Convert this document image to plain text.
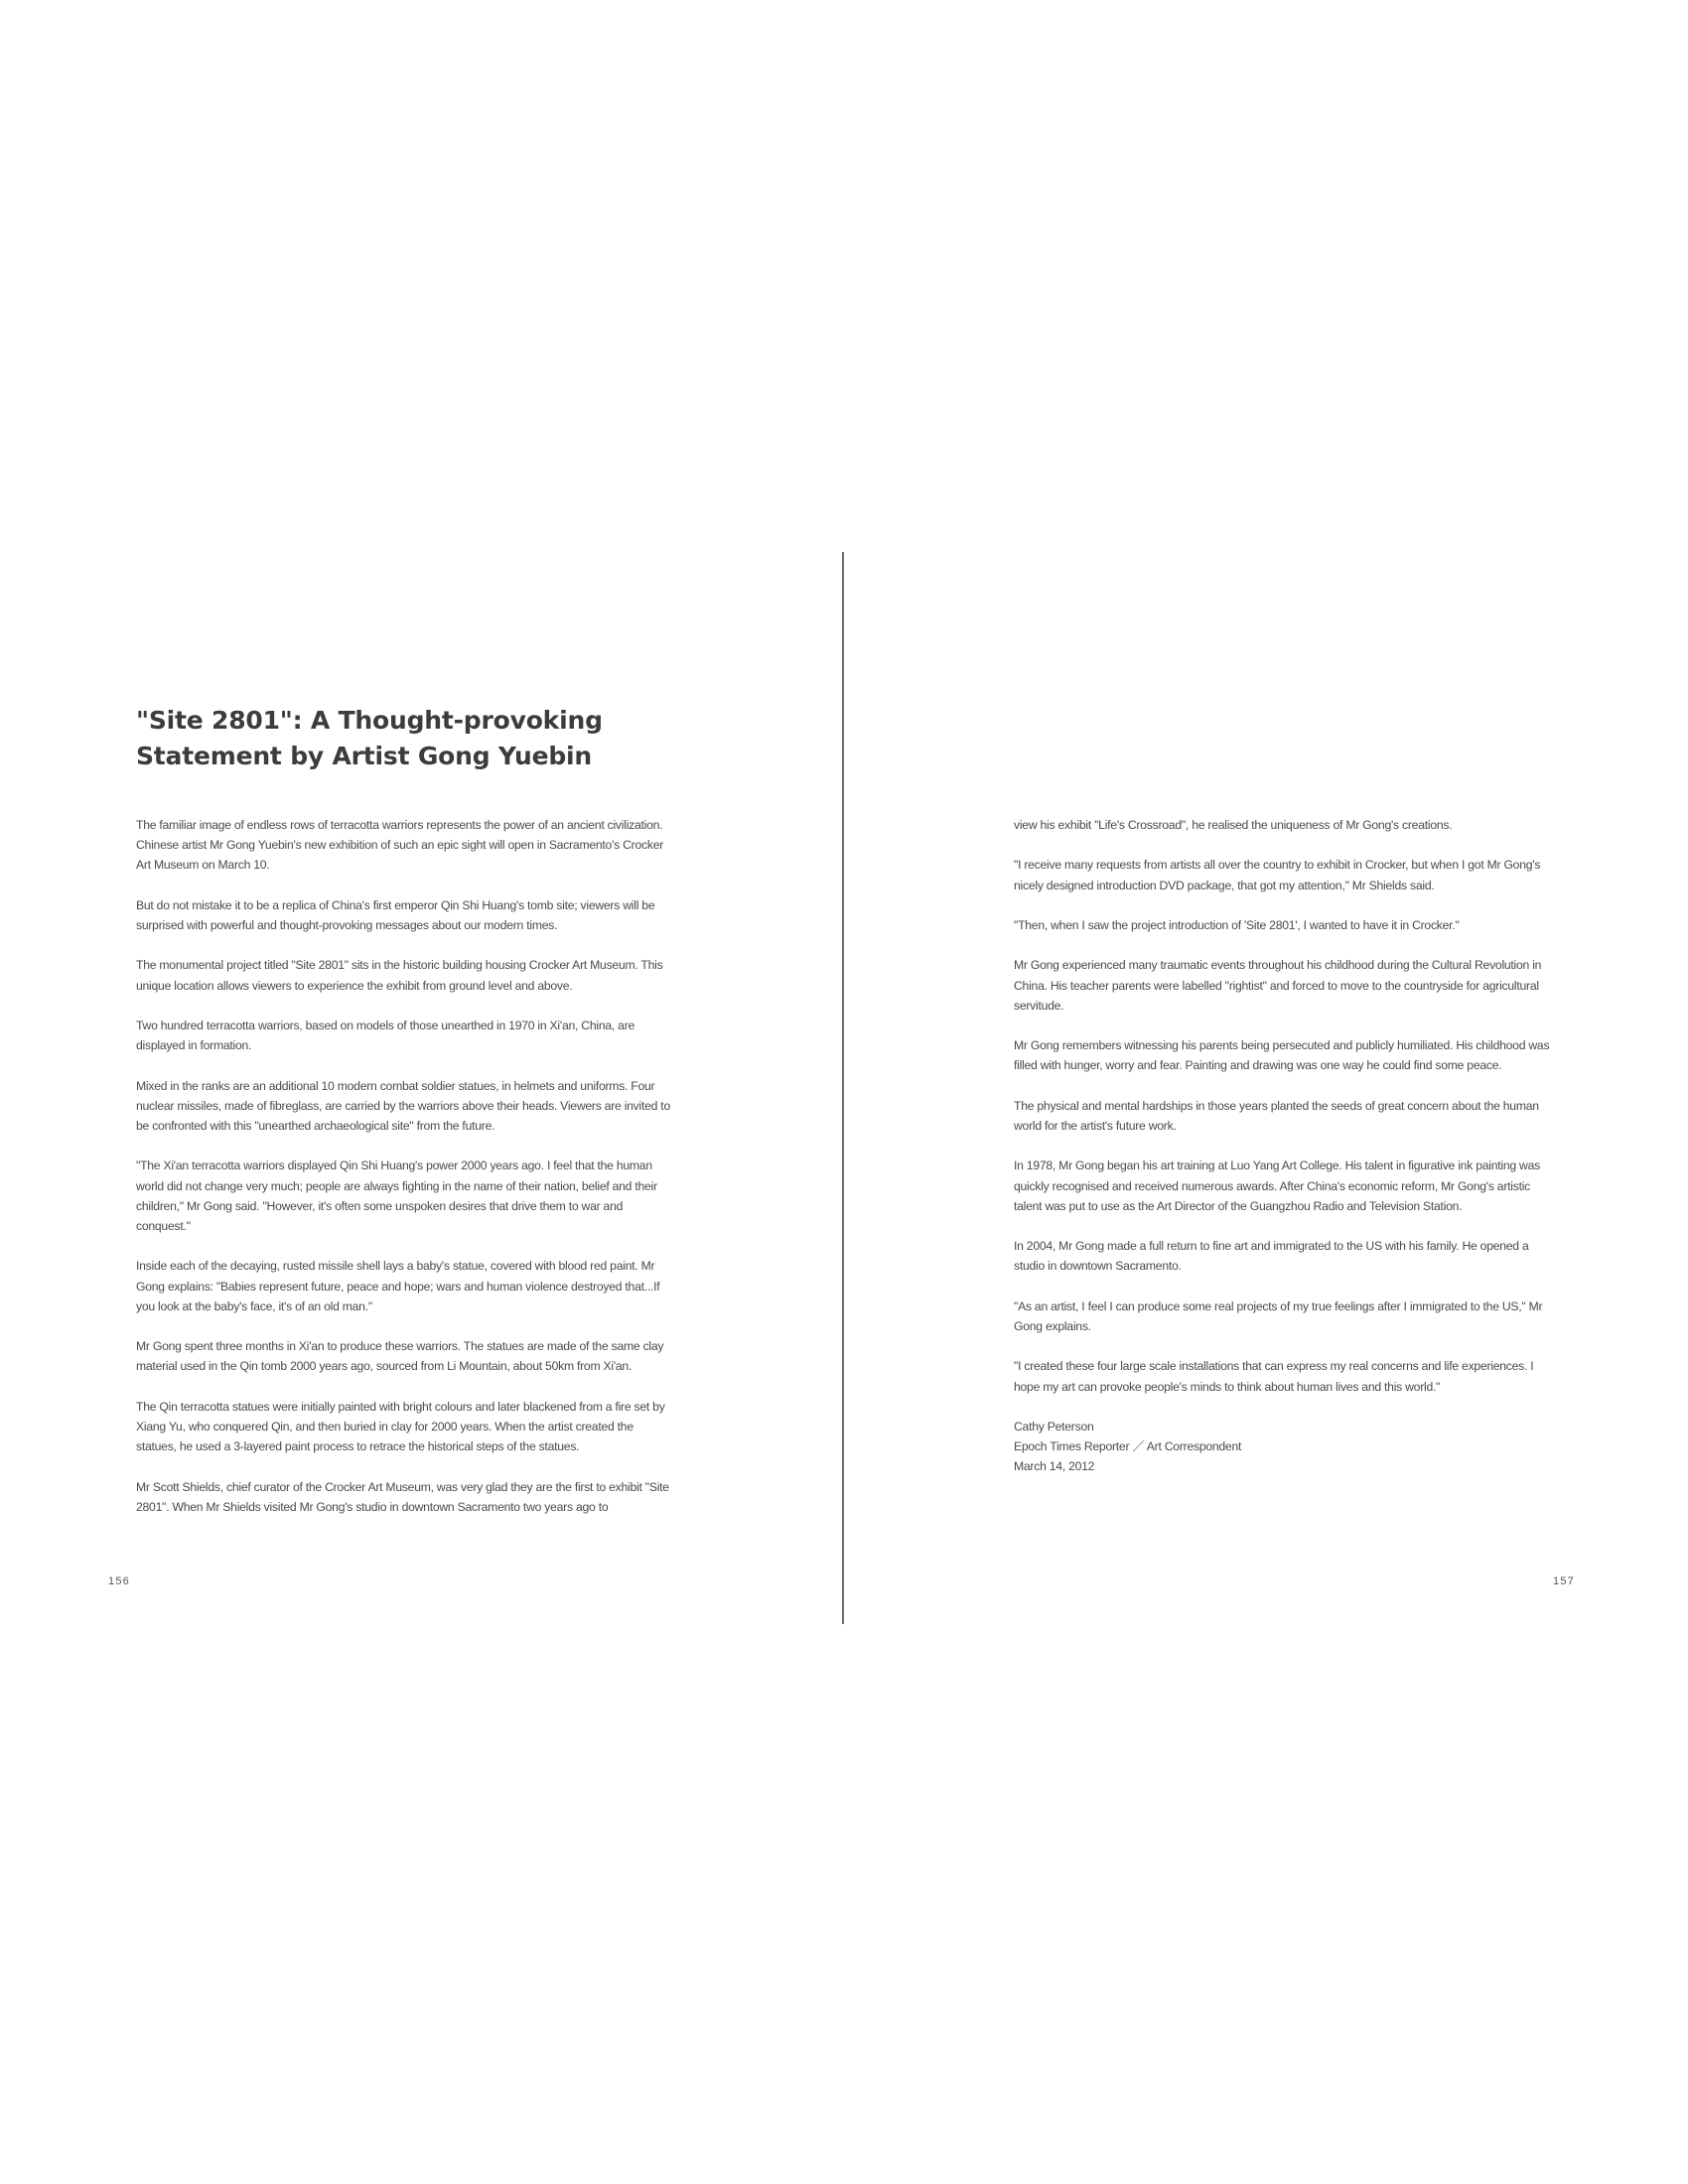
"Site 2801": A Thought-provoking
Statement by Artist Gong Yuebin

The familiar image of endless rows of terracotta warriors represents the power of an ancient civilization. Chinese artist Mr Gong Yuebin's new exhibition of such an epic sight will open in Sacramento's Crocker Art Museum on March 10.

But do not mistake it to be a replica of China's first emperor Qin Shi Huang's tomb site; viewers will be surprised with powerful and thought-provoking messages about our modern times.

The monumental project titled "Site 2801" sits in the historic building housing Crocker Art Museum. This unique location allows viewers to experience the exhibit from ground level and above.

Two hundred terracotta warriors, based on models of those unearthed in 1970 in Xi'an, China, are displayed in formation.

Mixed in the ranks are an additional 10 modern combat soldier statues, in helmets and uniforms. Four nuclear missiles, made of fibreglass, are carried by the warriors above their heads. Viewers are invited to be confronted with this "unearthed archaeological site" from the future.

"The Xi'an terracotta warriors displayed Qin Shi Huang's power 2000 years ago. I feel that the human world did not change very much; people are always fighting in the name of their nation, belief and their children," Mr Gong said. "However, it's often some unspoken desires that drive them to war and conquest."

Inside each of the decaying, rusted missile shell lays a baby's statue, covered with blood red paint. Mr Gong explains: "Babies represent future, peace and hope; wars and human violence destroyed that...If you look at the baby's face, it's of an old man."

Mr Gong spent three months in Xi'an to produce these warriors. The statues are made of the same clay material used in the Qin tomb 2000 years ago, sourced from Li Mountain, about 50km from Xi'an.

The Qin terracotta statues were initially painted with bright colours and later blackened from a fire set by Xiang Yu, who conquered Qin, and then buried in clay for 2000 years. When the artist created the statues, he used a 3-layered paint process to retrace the historical steps of the statues.

Mr Scott Shields, chief curator of the Crocker Art Museum, was very glad they are the first to exhibit "Site 2801". When Mr Shields visited Mr Gong's studio in downtown Sacramento two years ago to

156

view his exhibit "Life's Crossroad", he realised the uniqueness of Mr Gong's creations.

"I receive many requests from artists all over the country to exhibit in Crocker, but when I got Mr Gong's nicely designed introduction DVD package, that got my attention," Mr Shields said.

"Then, when I saw the project introduction of 'Site 2801', I wanted to have it in Crocker."

Mr Gong experienced many traumatic events throughout his childhood during the Cultural Revolution in China. His teacher parents were labelled "rightist" and forced to move to the countryside for agricultural servitude.

Mr Gong remembers witnessing his parents being persecuted and publicly humiliated. His childhood was filled with hunger, worry and fear. Painting and drawing was one way he could find some peace.

The physical and mental hardships in those years planted the seeds of great concern about the human world for the artist's future work.

In 1978, Mr Gong began his art training at Luo Yang Art College. His talent in figurative ink painting was quickly recognised and received numerous awards. After China's economic reform, Mr Gong's artistic talent was put to use as the Art Director of the Guangzhou Radio and Television Station.

In 2004, Mr Gong made a full return to fine art and immigrated to the US with his family. He opened a studio in downtown Sacramento.

"As an artist, I feel I can produce some real projects of my true feelings after I immigrated to the US," Mr Gong explains.

"I created these four large scale installations that can express my real concerns and life experiences. I hope my art can provoke people's minds to think about human lives and this world."

Cathy Peterson

Epoch Times Reporter ／ Art Correspondent

March 14, 2012

157
